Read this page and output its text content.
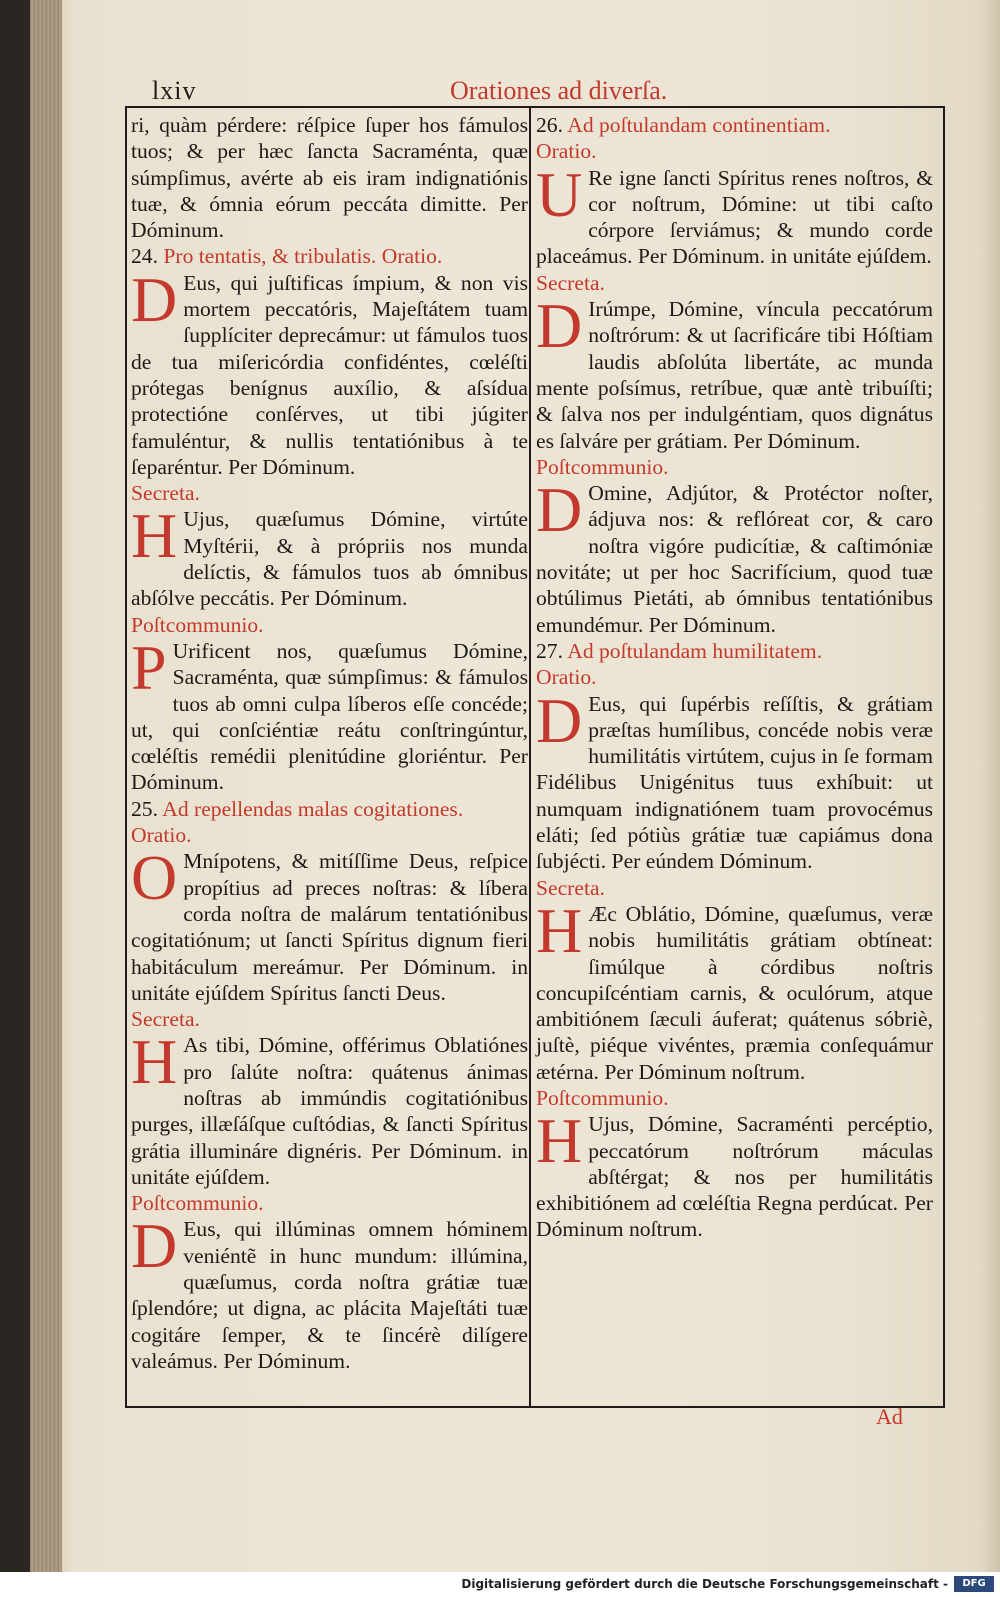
lxiv	Orationes ad diverſa.

ri, quàm pérdere: réſpice ſuper hos fámulos tuos; & per hæc ſancta Sacraménta, quæ súmpſimus, avérte ab eis iram indignatiónis tuæ, & ómnia eórum peccáta dimitte. Per Dóminum.

24. Pro tentatis, & tribulatis. Oratio.

D Eus, qui juſtificas ímpium, & non vis mortem peccatóris, Majeſtátem tuam ſupplíciter deprecámur: ut fámulos tuos de tua miſericórdia confidéntes, cœléſti prótegas benígnus auxílio, & aſsídua protectióne conſérves, ut tibi júgiter famuléntur, & nullis tentatiónibus à te ſeparéntur. Per Dóminum.

Secreta.

H Ujus, quæſumus Dómine, virtúte Myſtérii, & à própriis nos munda delíctis, & fámulos tuos ab ómnibus abſólve peccátis. Per Dóminum.

Poſtcommunio.

P Urificent nos, quæſumus Dómine, Sacraménta, quæ súmpſimus: & fámulos tuos ab omni culpa líberos eſſe concéde; ut, qui conſciéntiæ reátu conſtringúntur, cœléſtis remédii plenitúdine gloriéntur. Per Dóminum.

25. Ad repellendas malas cogitationes.

Oratio.

O Mnípotens, & mitíſſime Deus, reſpice propítius ad preces noſtras: & líbera corda noſtra de malárum tentatiónibus cogitatiónum; ut ſancti Spíritus dignum fieri habitáculum mereámur. Per Dóminum. in unitáte ejúſdem Spíritus ſancti Deus.

Secreta.

H As tibi, Dómine, offérimus Oblatiónes pro ſalúte noſtra: quátenus ánimas noſtras ab immúndis cogitatiónibus purges, illæſáſque cuſtódias, & ſancti Spíritus grátia illumináre dignéris. Per Dóminum. in unitáte ejúſdem.

Poſtcommunio.

D Eus, qui illúminas omnem hóminem veniéntẽ in hunc mundum: illúmina, quæſumus, corda noſtra grátiæ tuæ ſplendóre; ut digna, ac plácita Majeſtáti tuæ cogitáre ſemper, & te ſincérè dilígere valeámus. Per Dóminum.

26. Ad poſtulandam continentiam.

Oratio.

U Re igne ſancti Spíritus renes noſtros, & cor noſtrum, Dómine: ut tibi caſto córpore ſerviámus; & mundo corde placeámus. Per Dóminum. in unitáte ejúſdem.

Secreta.

D Irúmpe, Dómine, víncula peccatórum noſtrórum: & ut ſacrificáre tibi Hóſtiam laudis abſolúta libertáte, ac munda mente poſsímus, retríbue, quæ antè tribuíſti; & ſalva nos per indulgéntiam, quos dignátus es ſalváre per grátiam. Per Dóminum.

Poſtcommunio.

D Omine, Adjútor, & Protéctor noſter, ádjuva nos: & reflóreat cor, & caro noſtra vigóre pudicítiæ, & caſtimóniæ novitáte; ut per hoc Sacrifícium, quod tuæ obtúlimus Pietáti, ab ómnibus tentatiónibus emundémur. Per Dóminum.

27. Ad poſtulandam humilitatem.

Oratio.

D Eus, qui ſupérbis reſíſtis, & grátiam præſtas humílibus, concéde nobis veræ humilitátis virtútem, cujus in ſe formam Fidélibus Unigénitus tuus exhíbuit: ut numquam indignatiónem tuam provocémus eláti; ſed pótiùs grátiæ tuæ capiámus dona ſubjécti. Per eúndem Dóminum.

Secreta.

H Æc Oblátio, Dómine, quæſumus, veræ nobis humilitátis grátiam obtíneat: ſimúlque à córdibus noſtris concupiſcéntiam carnis, & oculórum, atque ambitiónem ſæculi áuferat; quátenus sóbriè, juſtè, piéque vivéntes, præmia conſequámur ætérna. Per Dóminum noſtrum.

Poſtcommunio.

H Ujus, Dómine, Sacraménti percéptio, peccatórum noſtrórum máculas abſtérgat; & nos per humilitátis exhibitiónem ad cœléſtia Regna perdúcat. Per Dóminum noſtrum.

Ad
Digitalisierung gefördert durch die Deutsche Forschungsgemeinschaft -	DFG
